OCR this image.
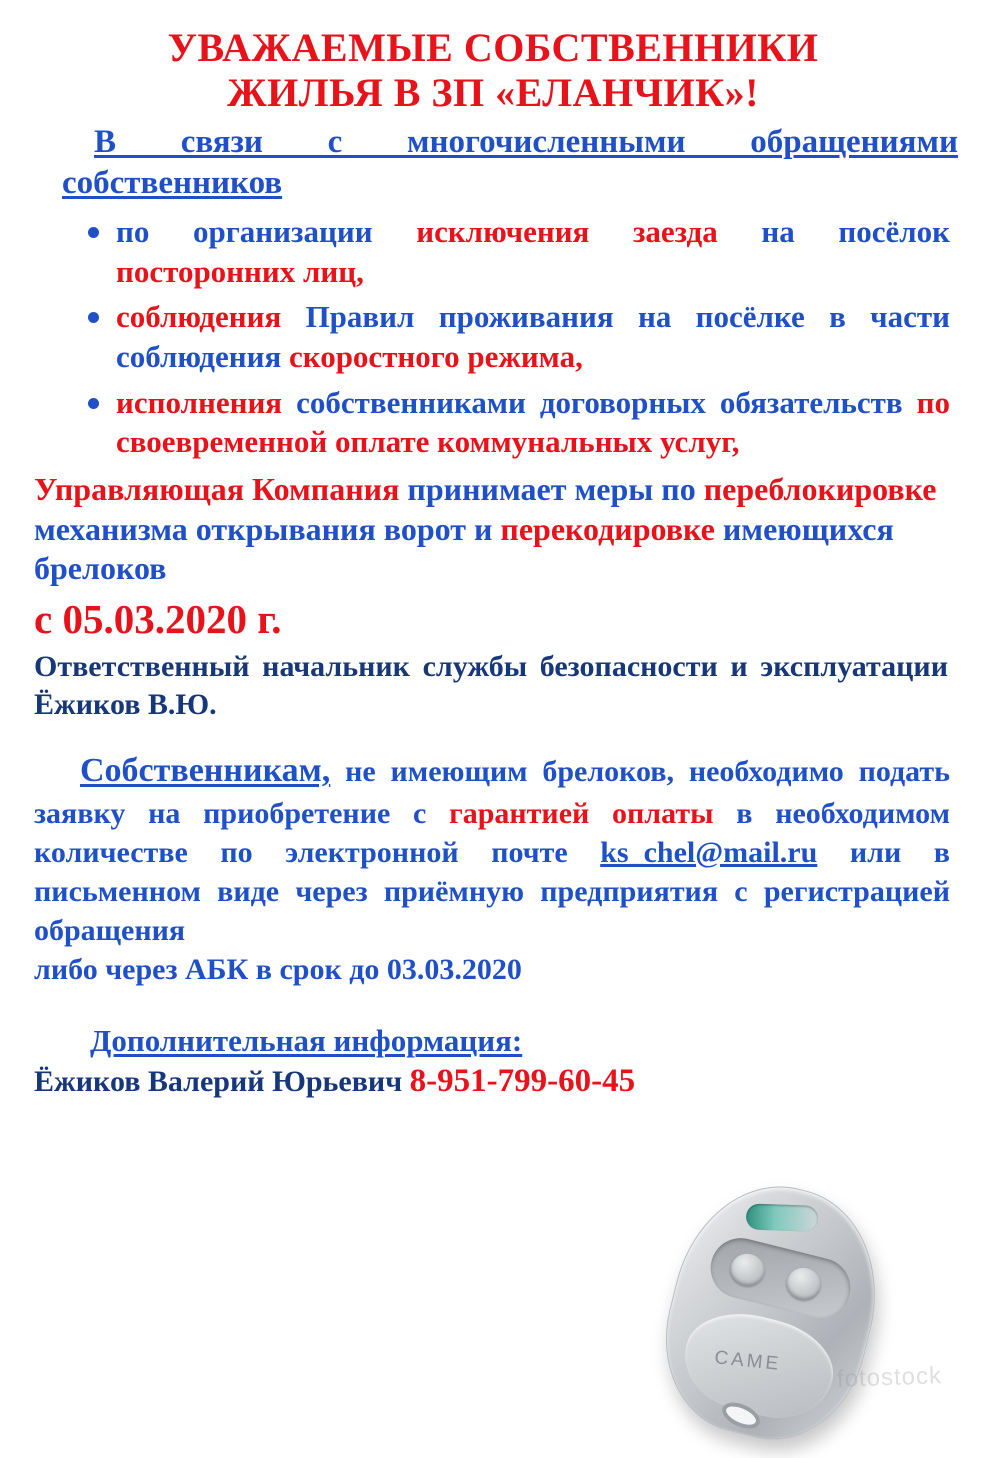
УВАЖАЕМЫЕ СОБСТВЕННИКИ
ЖИЛЬЯ В ЗП «ЕЛАНЧИК»!

В связи с многочисленными обращениями собственников

по организации исключения заезда на посёлок посторонних лиц,
соблюдения Правил проживания на посёлке в части соблюдения скоростного режима,
исполнения собственниками договорных обязательств по своевременной оплате коммунальных услуг,

Управляющая Компания принимает меры по переблокировке механизма открывания ворот и перекодировке имеющихся брелоков

с 05.03.2020 г.

Ответственный начальник службы безопасности и эксплуатации Ёжиков В.Ю.

Собственникам, не имеющим брелоков, необходимо подать заявку на приобретение с гарантией оплаты в необходимом количестве по электронной почте ks_chel@mail.ru или в письменном виде через приёмную предприятия с регистрацией обращения

либо через АБК в срок до 03.03.2020

Дополнительная информация:
Ёжиков Валерий Юрьевич 8-951-799-60-45
CAME
fotostock
